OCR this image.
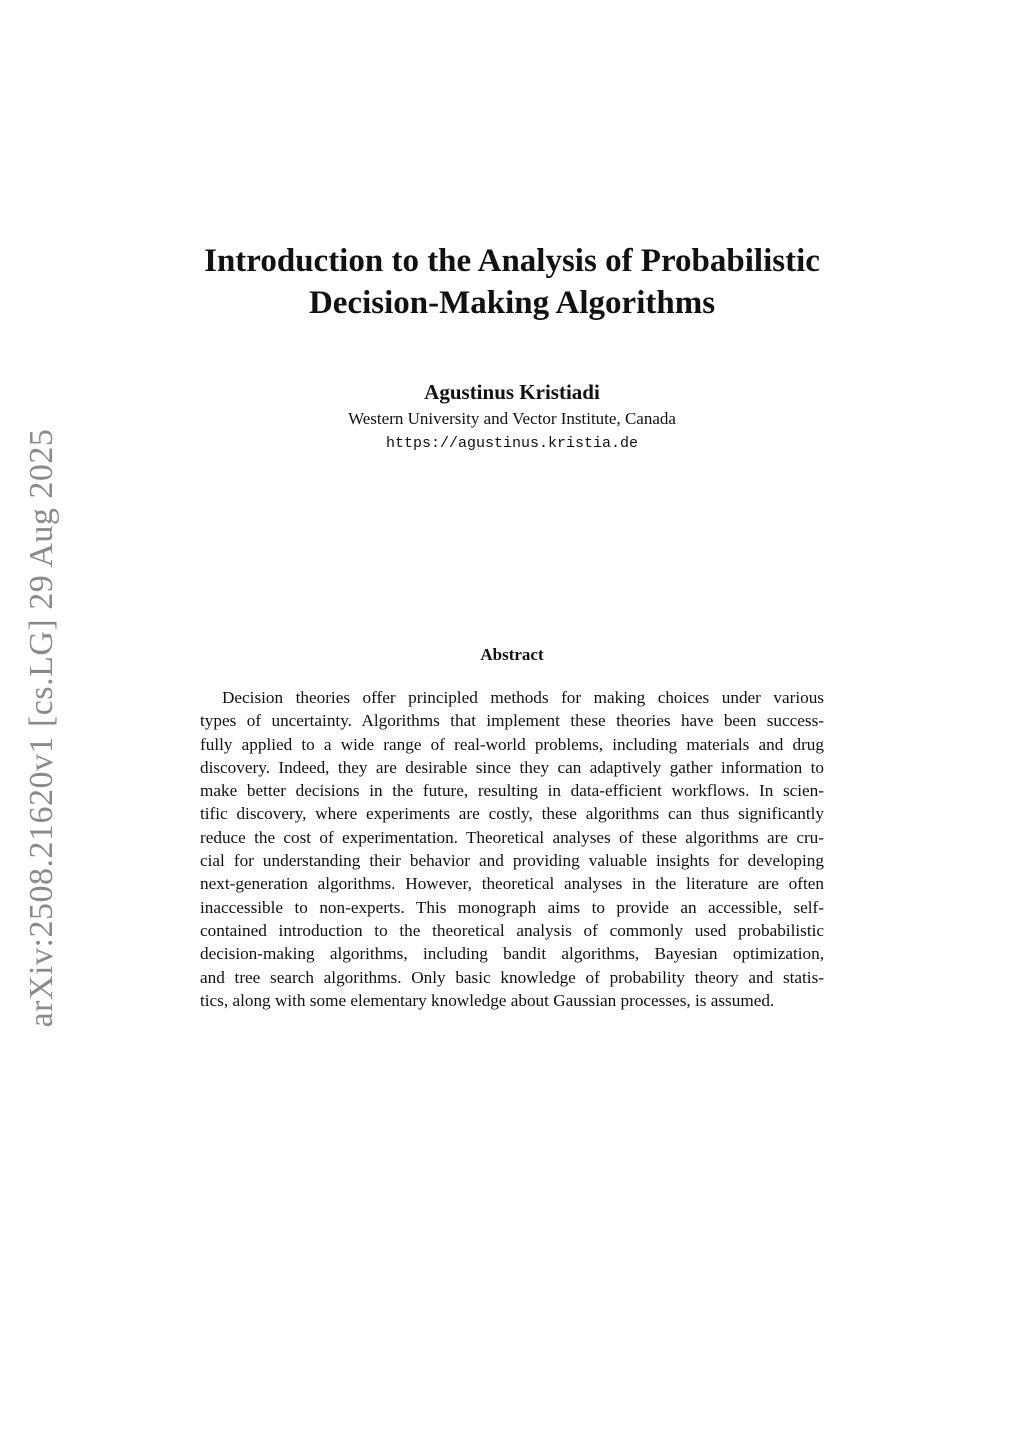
arXiv:2508.21620v1 [cs.LG] 29 Aug 2025
Introduction to the Analysis of Probabilistic
Decision-Making Algorithms
Agustinus Kristiadi
Western University and Vector Institute, Canada
https://agustinus.kristia.de
Abstract
Decision theories offer principled methods for making choices under various
types of uncertainty. Algorithms that implement these theories have been success-
fully applied to a wide range of real-world problems, including materials and drug
discovery. Indeed, they are desirable since they can adaptively gather information to
make better decisions in the future, resulting in data-efficient workflows. In scien-
tific discovery, where experiments are costly, these algorithms can thus significantly
reduce the cost of experimentation. Theoretical analyses of these algorithms are cru-
cial for understanding their behavior and providing valuable insights for developing
next-generation algorithms. However, theoretical analyses in the literature are often
inaccessible to non-experts. This monograph aims to provide an accessible, self-
contained introduction to the theoretical analysis of commonly used probabilistic
decision-making algorithms, including bandit algorithms, Bayesian optimization,
and tree search algorithms. Only basic knowledge of probability theory and statis-
tics, along with some elementary knowledge about Gaussian processes, is assumed.
